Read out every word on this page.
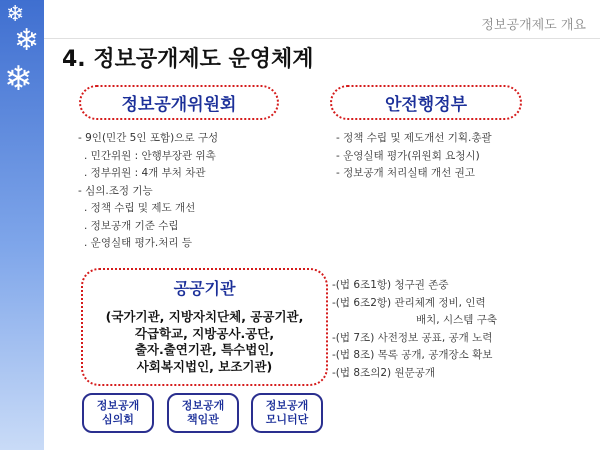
❄
❄
❄
정보공개제도 개요
4. 정보공개제도 운영체계
정보공개위원회	안전행정부
- 9인(민간 5인 포함)으로 구성
. 민간위원 : 안행부장관 위촉
. 정부위원 : 4개 부처 차관
- 심의.조정 기능
. 정책 수립 및 제도 개선
. 정보공개 기준 수립
. 운영실태 평가.처리 등
- 정책 수립 및 제도개선 기획.총괄
- 운영실태 평가(위원회 요청시)
- 정보공개 처리실태 개선 권고
공공기관
(국가기관, 지방자치단체, 공공기관,
각급학교, 지방공사.공단,
출자.출연기관, 특수법인,
사회복지법인, 보조기관)
-(법 6조1항) 청구권 존중
-(법 6조2항) 관리체계 정비, 인력
배치, 시스템 구축
-(법 7조) 사전정보 공표, 공개 노력
-(법 8조) 목록 공개, 공개장소 확보
-(법 8조의2) 원문공개
정보공개
심의회
정보공개
책임관
정보공개
모니터단
